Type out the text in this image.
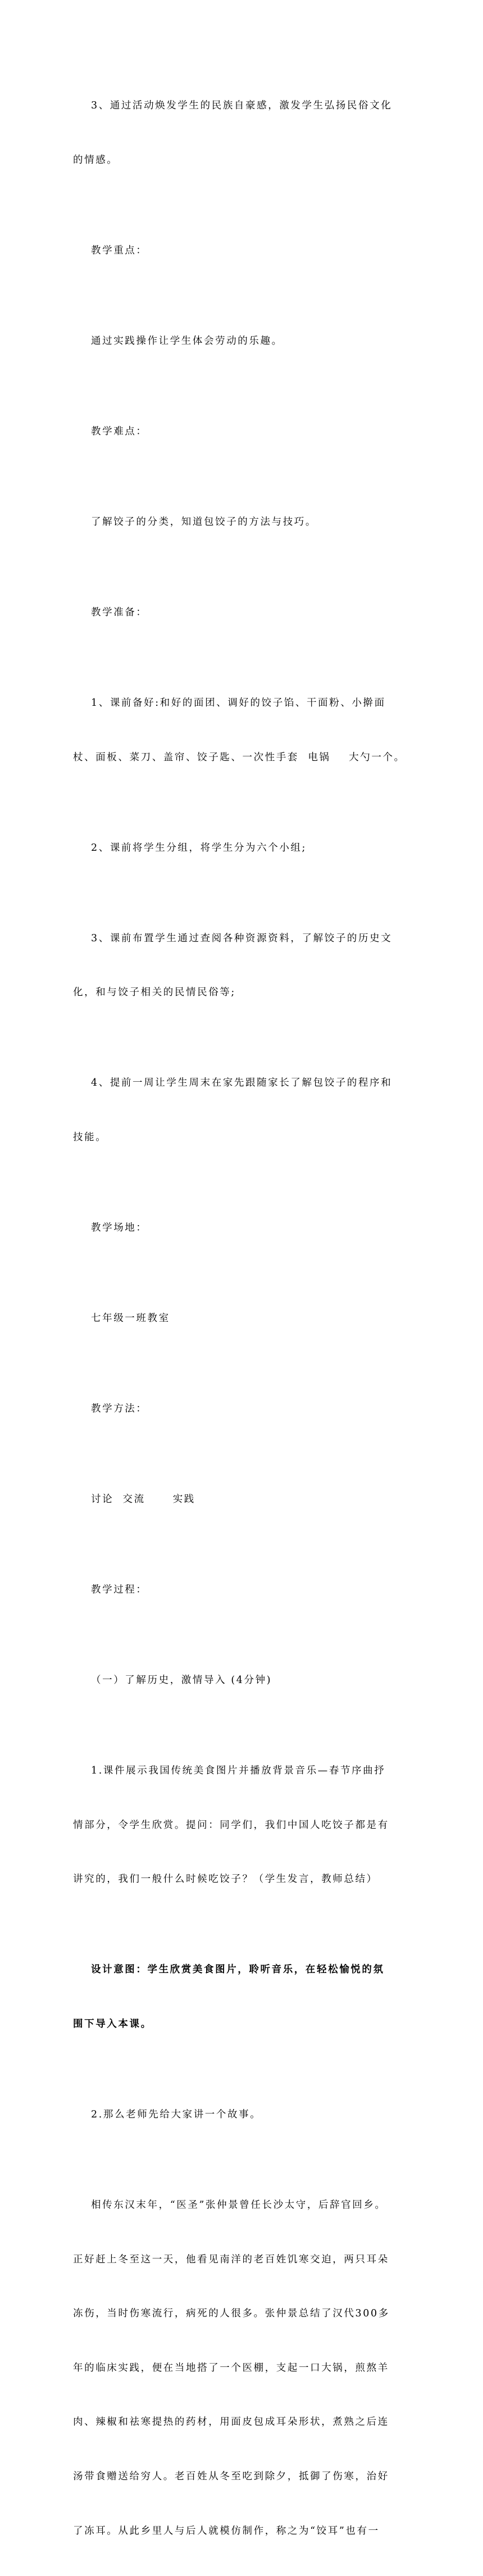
3、通过活动焕发学生的民族自豪感，激发学生弘扬民俗文化

的情感。

教学重点：

通过实践操作让学生体会劳动的乐趣。

教学难点：

了解饺子的分类，知道包饺子的方法与技巧。

教学准备：

1、课前备好:和好的面团、调好的饺子馅、干面粉、小擀面

杖、面板、菜刀、盖帘、饺子匙、一次性手套  电锅    大勺一个。

2、课前将学生分组，将学生分为六个小组;

3、课前布置学生通过查阅各种资源资料，了解饺子的历史文

化，和与饺子相关的民情民俗等;

4、提前一周让学生周末在家先跟随家长了解包饺子的程序和

技能。

教学场地：

七年级一班教室

教学方法：

讨论  交流      实践

教学过程：

（一）了解历史，激情导入 (4分钟)

1.课件展示我国传统美食图片并播放背景音乐—春节序曲抒

情部分，令学生欣赏。提问：同学们，我们中国人吃饺子都是有

讲究的，我们一般什么时候吃饺子？（学生发言，教师总结）

设计意图：学生欣赏美食图片，聆听音乐，在轻松愉悦的氛

围下导入本课。

2.那么老师先给大家讲一个故事。

相传东汉末年，“医圣”张仲景曾任长沙太守，后辞官回乡。

正好赶上冬至这一天，他看见南洋的老百姓饥寒交迫，两只耳朵

冻伤，当时伤寒流行，病死的人很多。张仲景总结了汉代300多

年的临床实践，便在当地搭了一个医棚，支起一口大锅，煎熬羊

肉、辣椒和祛寒提热的药材，用面皮包成耳朵形状，煮熟之后连

汤带食赠送给穷人。老百姓从冬至吃到除夕，抵御了伤寒，治好

了冻耳。从此乡里人与后人就模仿制作，称之为“饺耳”也有一
